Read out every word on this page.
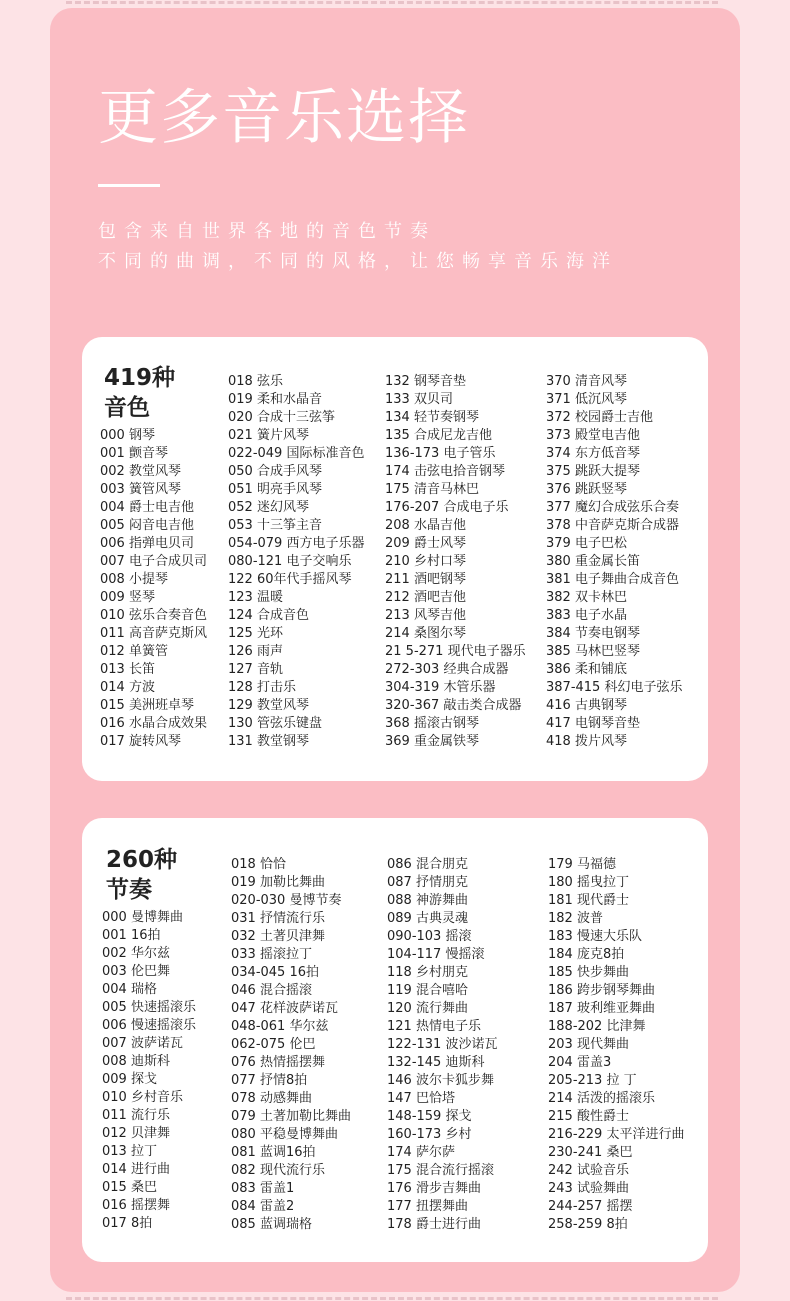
更多音乐选择
包含来自世界各地的音色节奏
不同的曲调，不同的风格，让您畅享音乐海洋
419种
音色
000 钢琴
001 颤音琴
002 教堂风琴
003 簧管风琴
004 爵士电吉他
005 闷音电吉他
006 指弹电贝司
007 电子合成贝司
008 小提琴
009 竖琴
010 弦乐合奏音色
011 高音萨克斯风
012 单簧管
013 长笛
014 方波
015 美洲班卓琴
016 水晶合成效果
017 旋转风琴
018 弦乐
019 柔和水晶音
020 合成十三弦筝
021 簧片风琴
022-049 国际标准音色
050 合成手风琴
051 明亮手风琴
052 迷幻风琴
053 十三筝主音
054-079 西方电子乐器
080-121 电子交响乐
122 60年代手摇风琴
123 温暖
124 合成音色
125 光环
126 雨声
127 音轨
128 打击乐
129 教堂风琴
130 管弦乐键盘
131 教堂钢琴
132 钢琴音垫
133 双贝司
134 轻节奏钢琴
135 合成尼龙吉他
136-173 电子管乐
174 击弦电拾音钢琴
175 清音马林巴
176-207 合成电子乐
208 水晶吉他
209 爵士风琴
210 乡村口琴
211 酒吧钢琴
212 酒吧吉他
213 风琴吉他
214 桑图尔琴
21 5-271 现代电子器乐
272-303 经典合成器
304-319 木管乐器
320-367 敲击类合成器
368 摇滚古钢琴
369 重金属铁琴
370 清音风琴
371 低沉风琴
372 校园爵士吉他
373 殿堂电吉他
374 东方低音琴
375 跳跃大提琴
376 跳跃竖琴
377 魔幻合成弦乐合奏
378 中音萨克斯合成器
379 电子巴松
380 重金属长笛
381 电子舞曲合成音色
382 双卡林巴
383 电子水晶
384 节奏电钢琴
385 马林巴竖琴
386 柔和铺底
387-415 科幻电子弦乐
416 古典钢琴
417 电钢琴音垫
418 拨片风琴
260种
节奏
000 曼博舞曲
001 16拍
002 华尔兹
003 伦巴舞
004 瑞格
005 快速摇滚乐
006 慢速摇滚乐
007 波萨诺瓦
008 迪斯科
009 探戈
010 乡村音乐
011 流行乐
012 贝津舞
013 拉丁
014 进行曲
015 桑巴
016 摇摆舞
017 8拍
018 恰恰
019 加勒比舞曲
020-030 曼博节奏
031 抒情流行乐
032 土著贝津舞
033 摇滚拉丁
034-045 16拍
046 混合摇滚
047 花样波萨诺瓦
048-061 华尔兹
062-075 伦巴
076 热情摇摆舞
077 抒情8拍
078 动感舞曲
079 土著加勒比舞曲
080 平稳曼博舞曲
081 蓝调16拍
082 现代流行乐
083 雷盖1
084 雷盖2
085 蓝调瑞格
086 混合朋克
087 抒情朋克
088 神游舞曲
089 古典灵魂
090-103 摇滚
104-117 慢摇滚
118 乡村朋克
119 混合嘻哈
120 流行舞曲
121 热情电子乐
122-131 波沙诺瓦
132-145 迪斯科
146 波尔卡狐步舞
147 巴恰塔
148-159 探戈
160-173 乡村
174 萨尔萨
175 混合流行摇滚
176 滑步吉舞曲
177 扭摆舞曲
178 爵士进行曲
179 马福德
180 摇曳拉丁
181 现代爵士
182 波普
183 慢速大乐队
184 庞克8拍
185 快步舞曲
186 跨步钢琴舞曲
187 玻利维亚舞曲
188-202 比津舞
203 现代舞曲
204 雷盖3
205-213 拉 丁
214 活泼的摇滚乐
215 酸性爵士
216-229 太平洋进行曲
230-241 桑巴
242 试验音乐
243 试验舞曲
244-257 摇摆
258-259 8拍
